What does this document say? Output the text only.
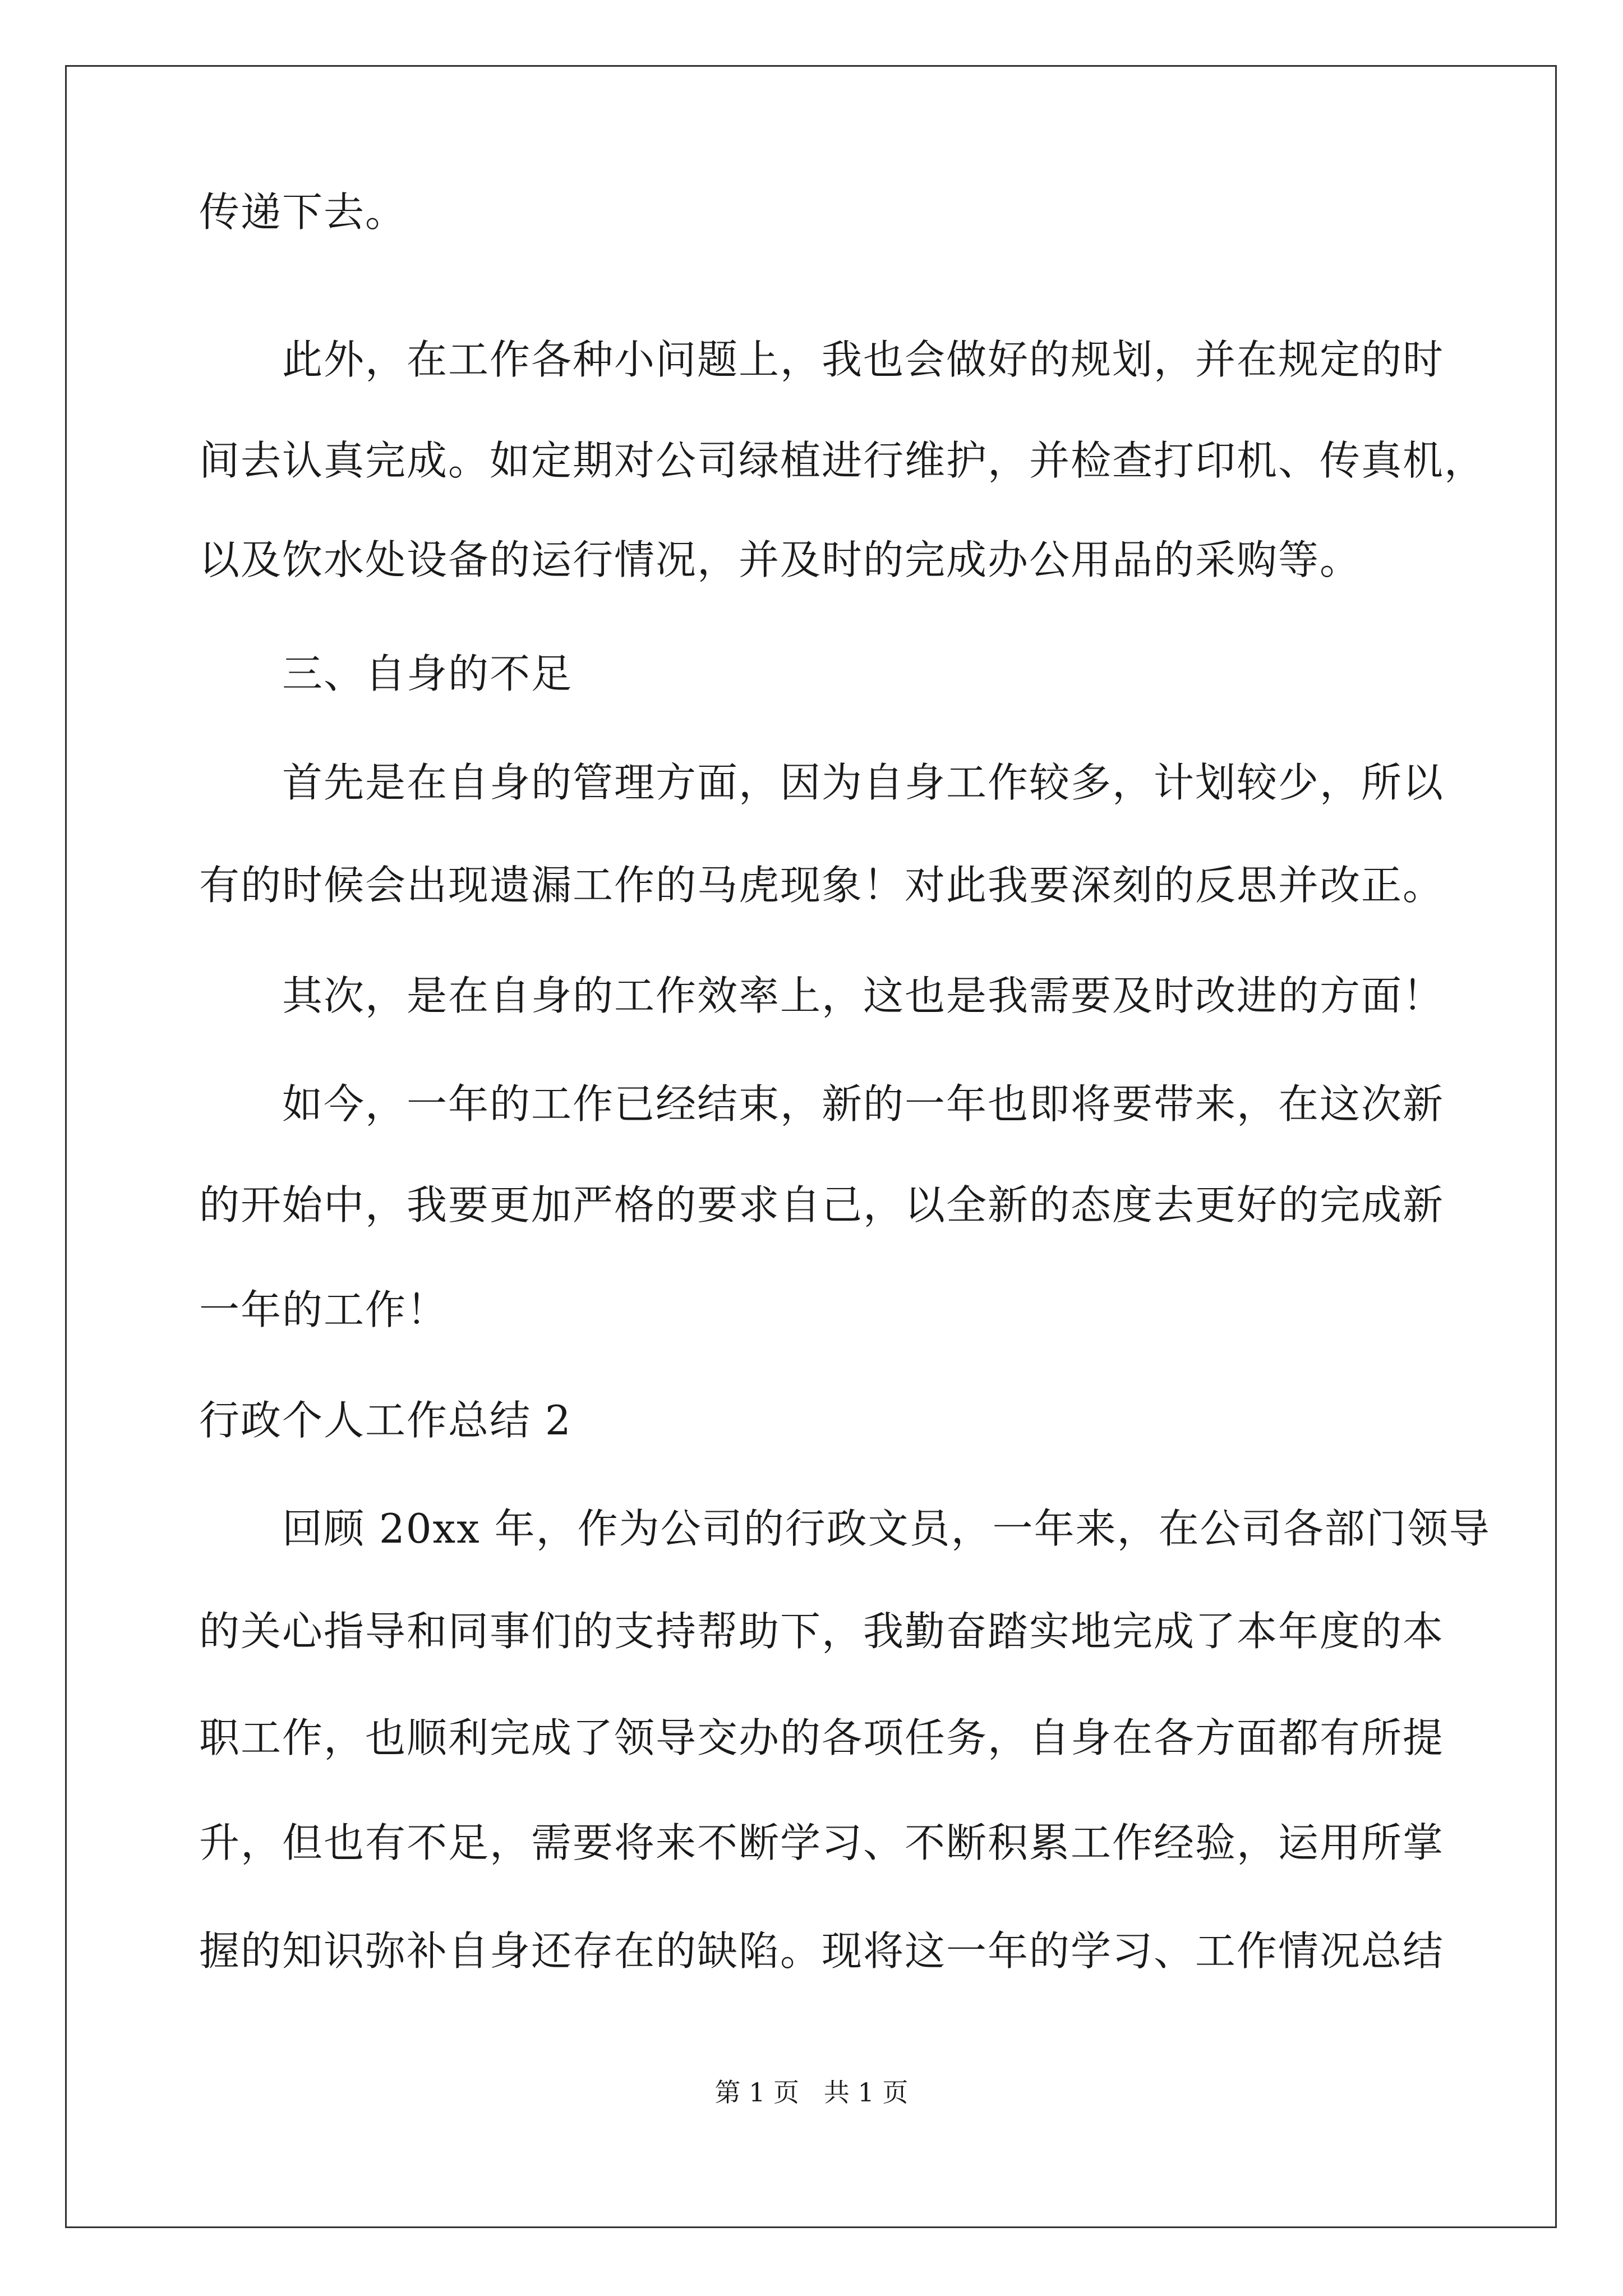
传递下去。
此外，在工作各种小问题上，我也会做好的规划，并在规定的时
间去认真完成。如定期对公司绿植进行维护，并检查打印机、传真机，
以及饮水处设备的运行情况，并及时的完成办公用品的采购等。
三、自身的不足
首先是在自身的管理方面，因为自身工作较多，计划较少，所以
有的时候会出现遗漏工作的马虎现象！对此我要深刻的反思并改正。
其次，是在自身的工作效率上，这也是我需要及时改进的方面！
如今，一年的工作已经结束，新的一年也即将要带来，在这次新
的开始中，我要更加严格的要求自己，以全新的态度去更好的完成新
一年的工作！
行政个人工作总结 2
回顾 20xx 年，作为公司的行政文员，一年来，在公司各部门领导
的关心指导和同事们的支持帮助下，我勤奋踏实地完成了本年度的本
职工作，也顺利完成了领导交办的各项任务，自身在各方面都有所提
升，但也有不足，需要将来不断学习、不断积累工作经验，运用所掌
握的知识弥补自身还存在的缺陷。现将这一年的学习、工作情况总结
第 1 页   共 1 页
